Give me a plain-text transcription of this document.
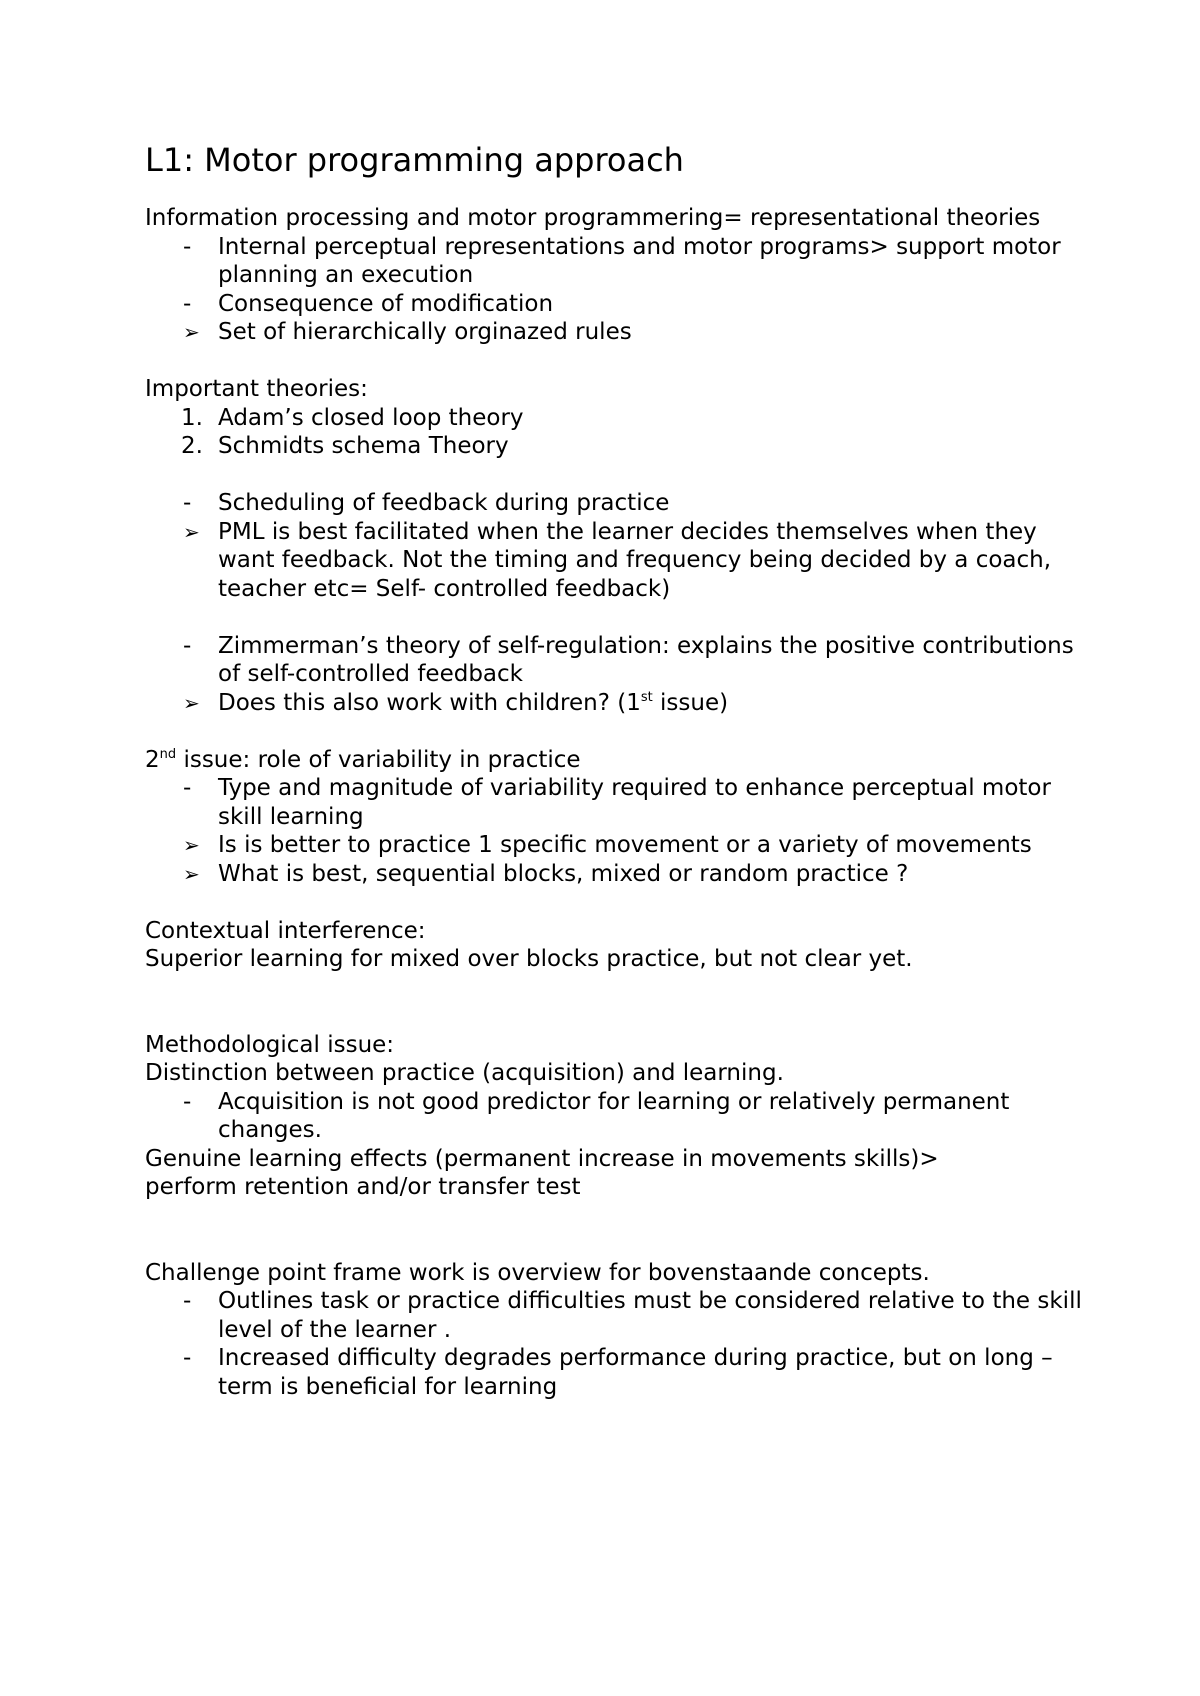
L1: Motor programming approach

Information processing and motor programmering= representational theories

-	Internal perceptual representations and motor programs> support motor planning an execution
-	Consequence of modification
➢ Set of hierarchically orginazed rules

Important theories:

1. Adam’s closed loop theory
2. Schmidts schema Theory
-	Scheduling of feedback during practice
➢ PML is best facilitated when the learner decides themselves when they want feedback. Not the timing and frequency being decided by a coach, teacher etc= Self- controlled feedback)
-	Zimmerman’s theory of self-regulation: explains the positive contributions of self-controlled feedback
➢ Does this also work with children? (1st issue)

2nd issue: role of variability in practice

-	Type and magnitude of variability required to enhance perceptual motor skill learning
➢ Is is better to practice 1 specific movement or a variety of movements
➢ What is best, sequential blocks, mixed or random practice ?

Contextual interference:

Superior learning for mixed over blocks practice, but not clear yet.

Methodological issue:

Distinction between practice (acquisition) and learning.

-	Acquisition is not good predictor for learning or relatively permanent changes.

Genuine learning effects (permanent increase in movements skills)>

perform retention and/or transfer test

Challenge point frame work is overview for bovenstaande concepts.

-	Outlines task or practice difficulties must be considered relative to the skill level of the learner .
-	Increased difficulty degrades performance during practice, but on long – term is beneficial for learning
